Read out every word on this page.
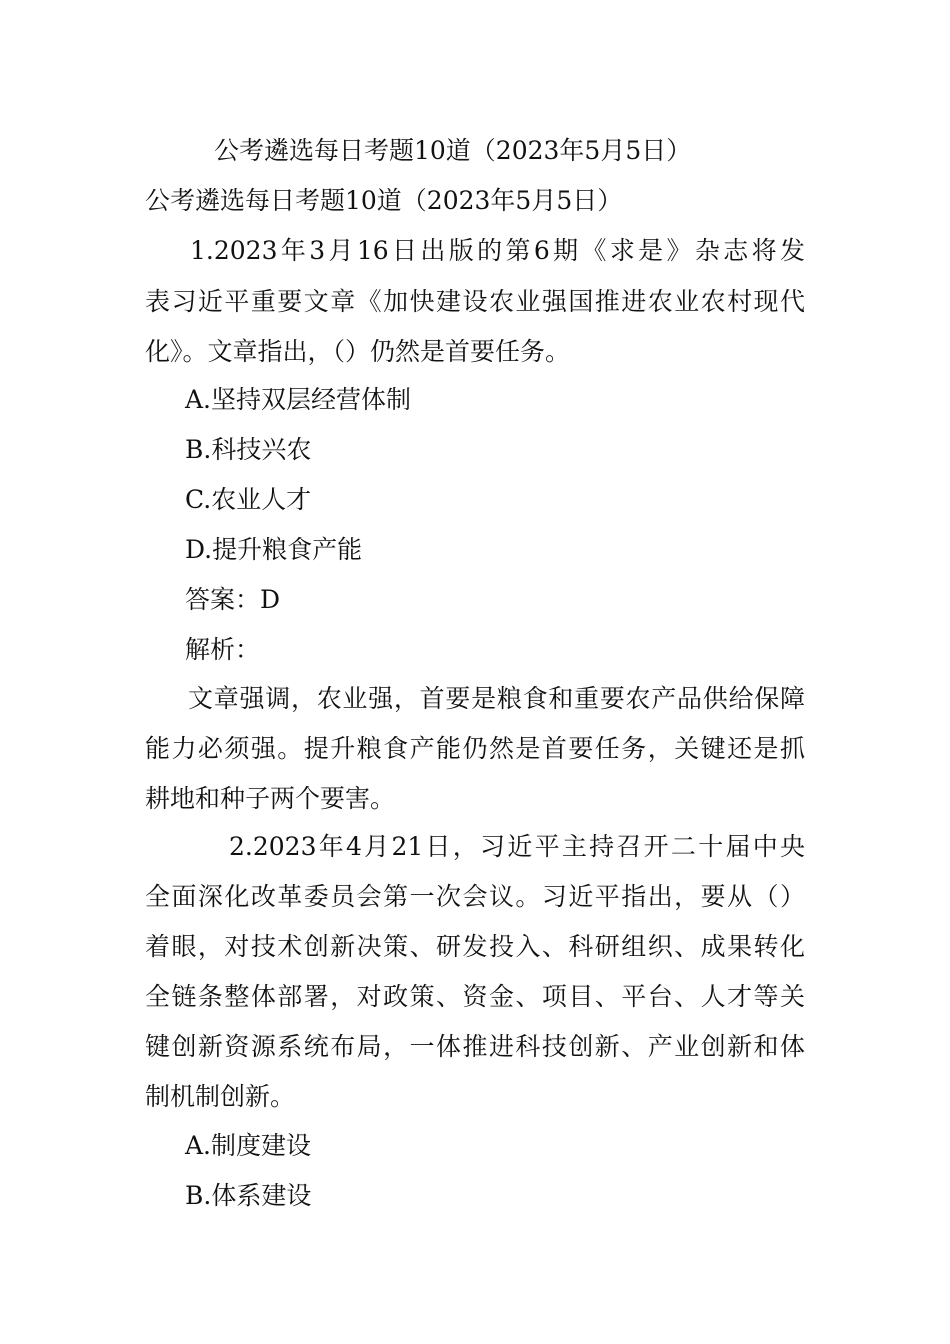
公考遴选每日考题10道（2023年5月5日）
公考遴选每日考题10道（2023年5月5日）
1.2023年3月16日出版的第6期《求是》杂志将发
表习近平重要文章《加快建设农业强国推进农业农村现代
化》。文章指出，（）仍然是首要任务。
A.坚持双层经营体制
B.科技兴农
C.农业人才
D.提升粮食产能
答案：D
解析：
文章强调，农业强，首要是粮食和重要农产品供给保障
能力必须强。提升粮食产能仍然是首要任务，关键还是抓
耕地和种子两个要害。
2.2023年4月21日，习近平主持召开二十届中央
全面深化改革委员会第一次会议。习近平指出，要从（）
着眼，对技术创新决策、研发投入、科研组织、成果转化
全链条整体部署，对政策、资金、项目、平台、人才等关
键创新资源系统布局，一体推进科技创新、产业创新和体
制机制创新。
A.制度建设
B.体系建设
